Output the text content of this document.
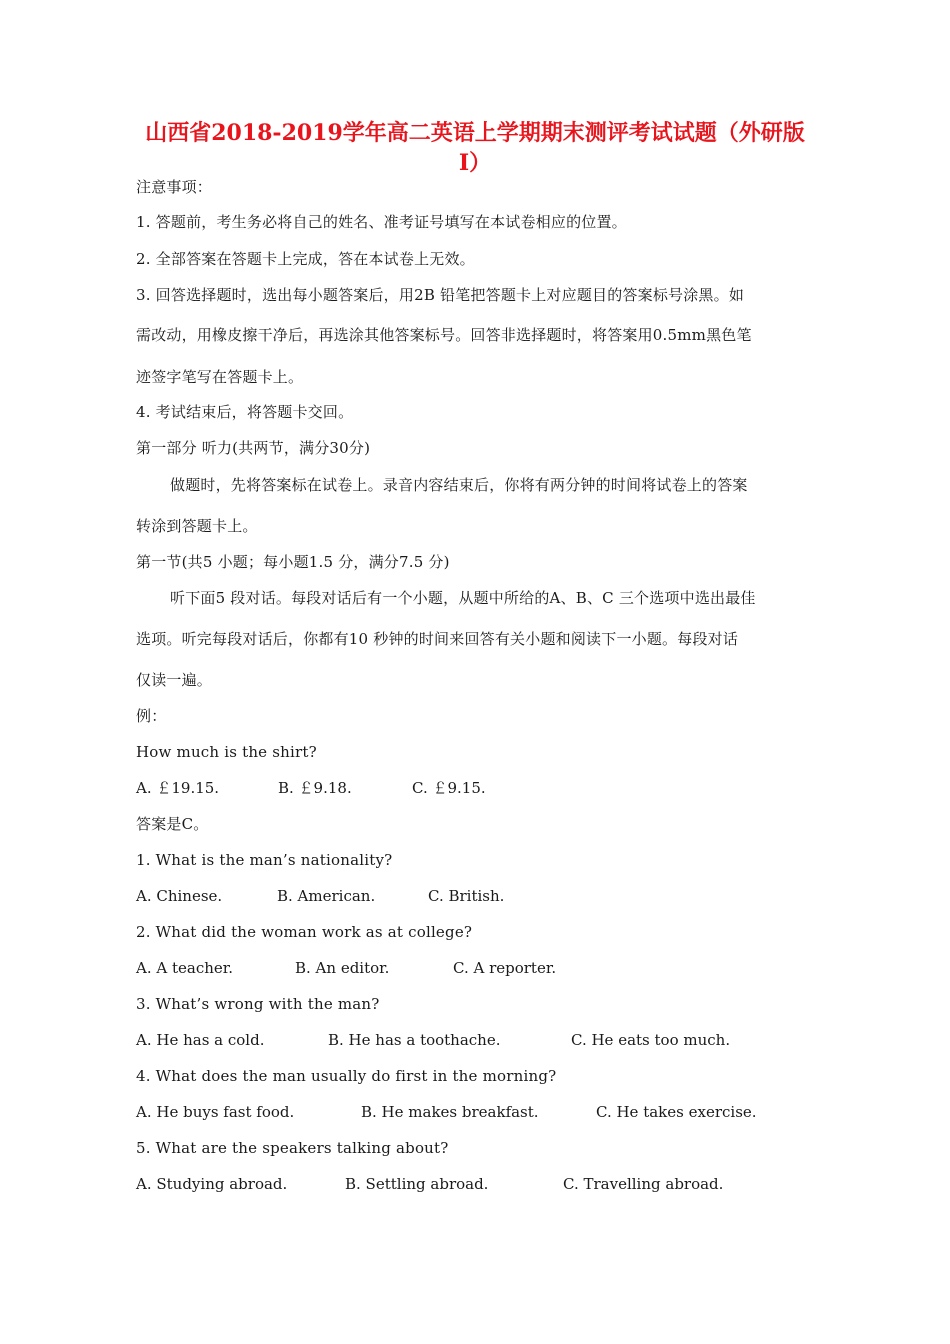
山西省2018-2019学年高二英语上学期期末测评考试试题（外研版
I）
注意事项：
1. 答题前，考生务必将自己的姓名、准考证号填写在本试卷相应的位置。
2. 全部答案在答题卡上完成，答在本试卷上无效。
3. 回答选择题时，选出每小题答案后，用2B 铅笔把答题卡上对应题目的答案标号涂黑。如
需改动，用橡皮擦干净后，再选涂其他答案标号。回答非选择题时，将答案用0.5mm黑色笔
迹签字笔写在答题卡上。
4. 考试结束后，将答题卡交回。
第一部分 听力(共两节，满分30分)
做题时，先将答案标在试卷上。录音内容结束后，你将有两分钟的时间将试卷上的答案
转涂到答题卡上。
第一节(共5 小题；每小题1.5 分，满分7.5 分)
听下面5 段对话。每段对话后有一个小题，从题中所给的A、B、C 三个选项中选出最佳
选项。听完每段对话后，你都有10 秒钟的时间来回答有关小题和阅读下一小题。每段对话
仅读一遍。
例：
How much is the shirt?
A. ￡19.15.	B. ￡9.18.	C. ￡9.15.
答案是C。
1. What is the man’s nationality?
A. Chinese.	B. American.	C. British.
2. What did the woman work as at college?
A. A teacher.	B. An editor.	C. A reporter.
3. What’s wrong with the man?
A. He has a cold.	B. He has a toothache.	C. He eats too much.
4. What does the man usually do first in the morning?
A. He buys fast food.	B. He makes breakfast.	C. He takes exercise.
5. What are the speakers talking about?
A. Studying abroad.	B. Settling abroad.	C. Travelling abroad.
